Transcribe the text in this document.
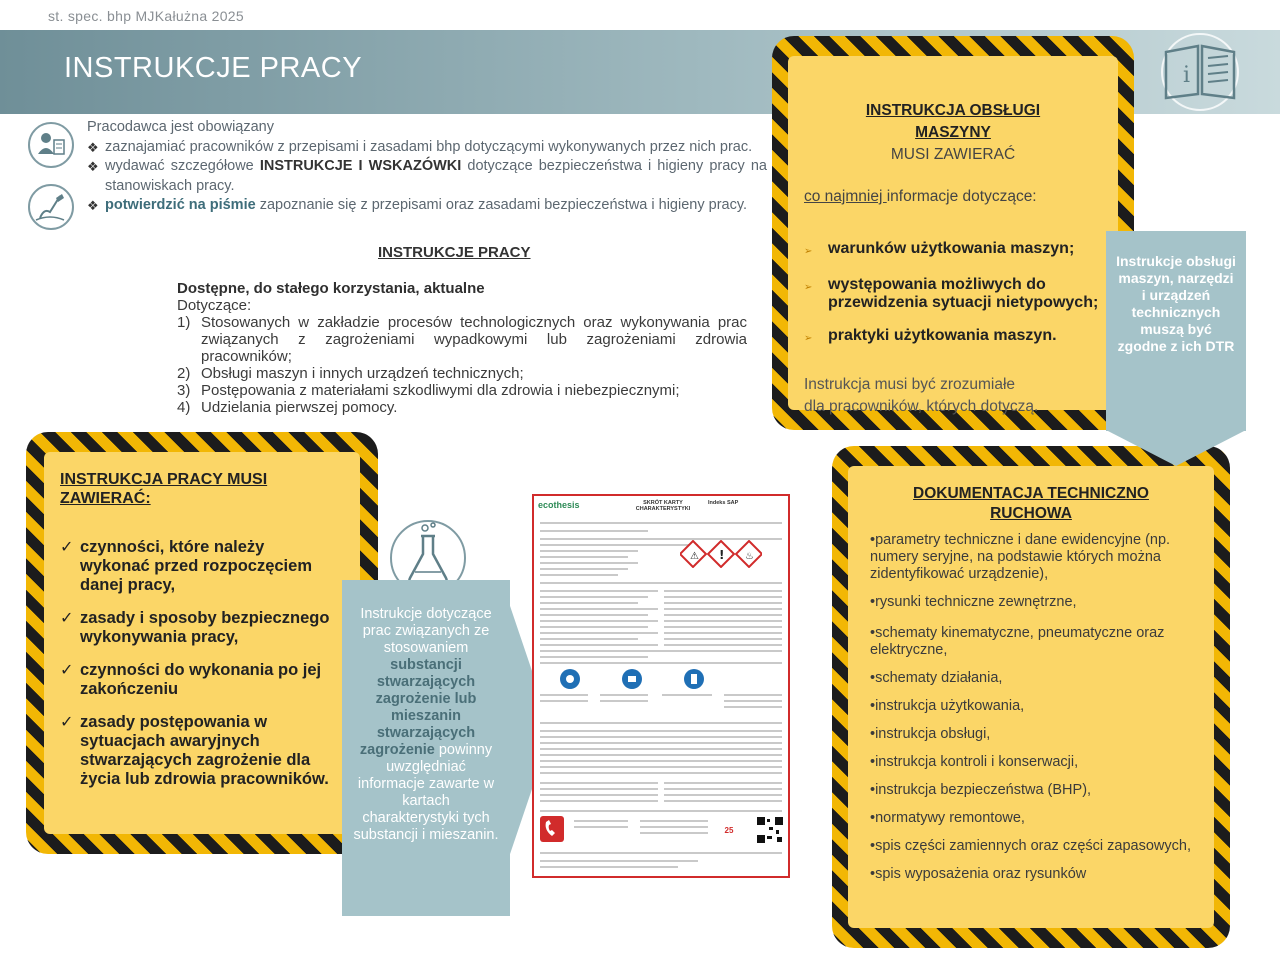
st. spec. bhp MJKałużna 2025
INSTRUKCJE PRACY	i
Pracodawca jest obowiązany
❖ zaznajamiać pracowników z przepisami i zasadami bhp dotyczącymi wykonywanych przez nich prac.
❖ wydawać szczegółowe INSTRUKCJE I WSKAZÓWKI dotyczące bezpieczeństwa i higieny pracy na stanowiskach pracy.
❖ potwierdzić na piśmie zapoznanie się z przepisami oraz zasadami bezpieczeństwa i higieny pracy.
INSTRUKCJE PRACY
Dostępne, do stałego korzystania, aktualne
Dotyczące:
1) Stosowanych w zakładzie procesów technologicznych oraz wykonywania prac związanych z zagrożeniami wypadkowymi lub zagrożeniami zdrowia pracowników;
2) Obsługi maszyn i innych urządzeń technicznych;
3) Postępowania z materiałami szkodliwymi dla zdrowia i niebezpiecznymi;
4) Udzielania pierwszej pomocy.
INSTRUKCJA OBSŁUGI
MASZYNY
MUSI ZAWIERAĆ
co najmniej informacje dotyczące:
➢ warunków użytkowania maszyn;
➢ występowania możliwych do przewidzenia sytuacji nietypowych;
➢ praktyki użytkowania maszyn.
Instrukcja musi być zrozumiałe
dla pracowników, których dotyczą.
DOKUMENTACJA TECHNICZNO
RUCHOWA
•parametry techniczne i dane ewidencyjne (np. numery seryjne, na podstawie których można zidentyfikować urządzenie),
•rysunki techniczne zewnętrzne,
•schematy kinematyczne, pneumatyczne oraz elektryczne,
•schematy działania,
•instrukcja użytkowania,
•instrukcja obsługi,
•instrukcja kontroli i konserwacji,
•instrukcja bezpieczeństwa (BHP),
•normatywy remontowe,
•spis części zamiennych oraz części zapasowych,
•spis wyposażenia oraz rysunków
Instrukcje obsługi maszyn, narzędzi i urządzeń technicznych muszą być zgodne z ich DTR
INSTRUKCJA PRACY MUSI ZAWIERAĆ:
✓ czynności, które należy wykonać przed rozpoczęciem danej pracy,
✓ zasady i sposoby bezpiecznego wykonywania pracy,
✓ czynności do wykonania po jej zakończeniu
✓ zasady postępowania w sytuacjach awaryjnych stwarzających zagrożenie dla życia lub zdrowia pracowników.
Instrukcje dotyczące prac związanych ze stosowaniem substancji stwarzających zagrożenie lub mieszanin stwarzających zagrożenie powinny uwzględniać informacje zawarte w kartach charakterystyki tych substancji i mieszanin.
ecothesis	SKRÓT KARTY CHARAKTERYSTYKI
Indeks SAP
⚠ ! ♨
25
